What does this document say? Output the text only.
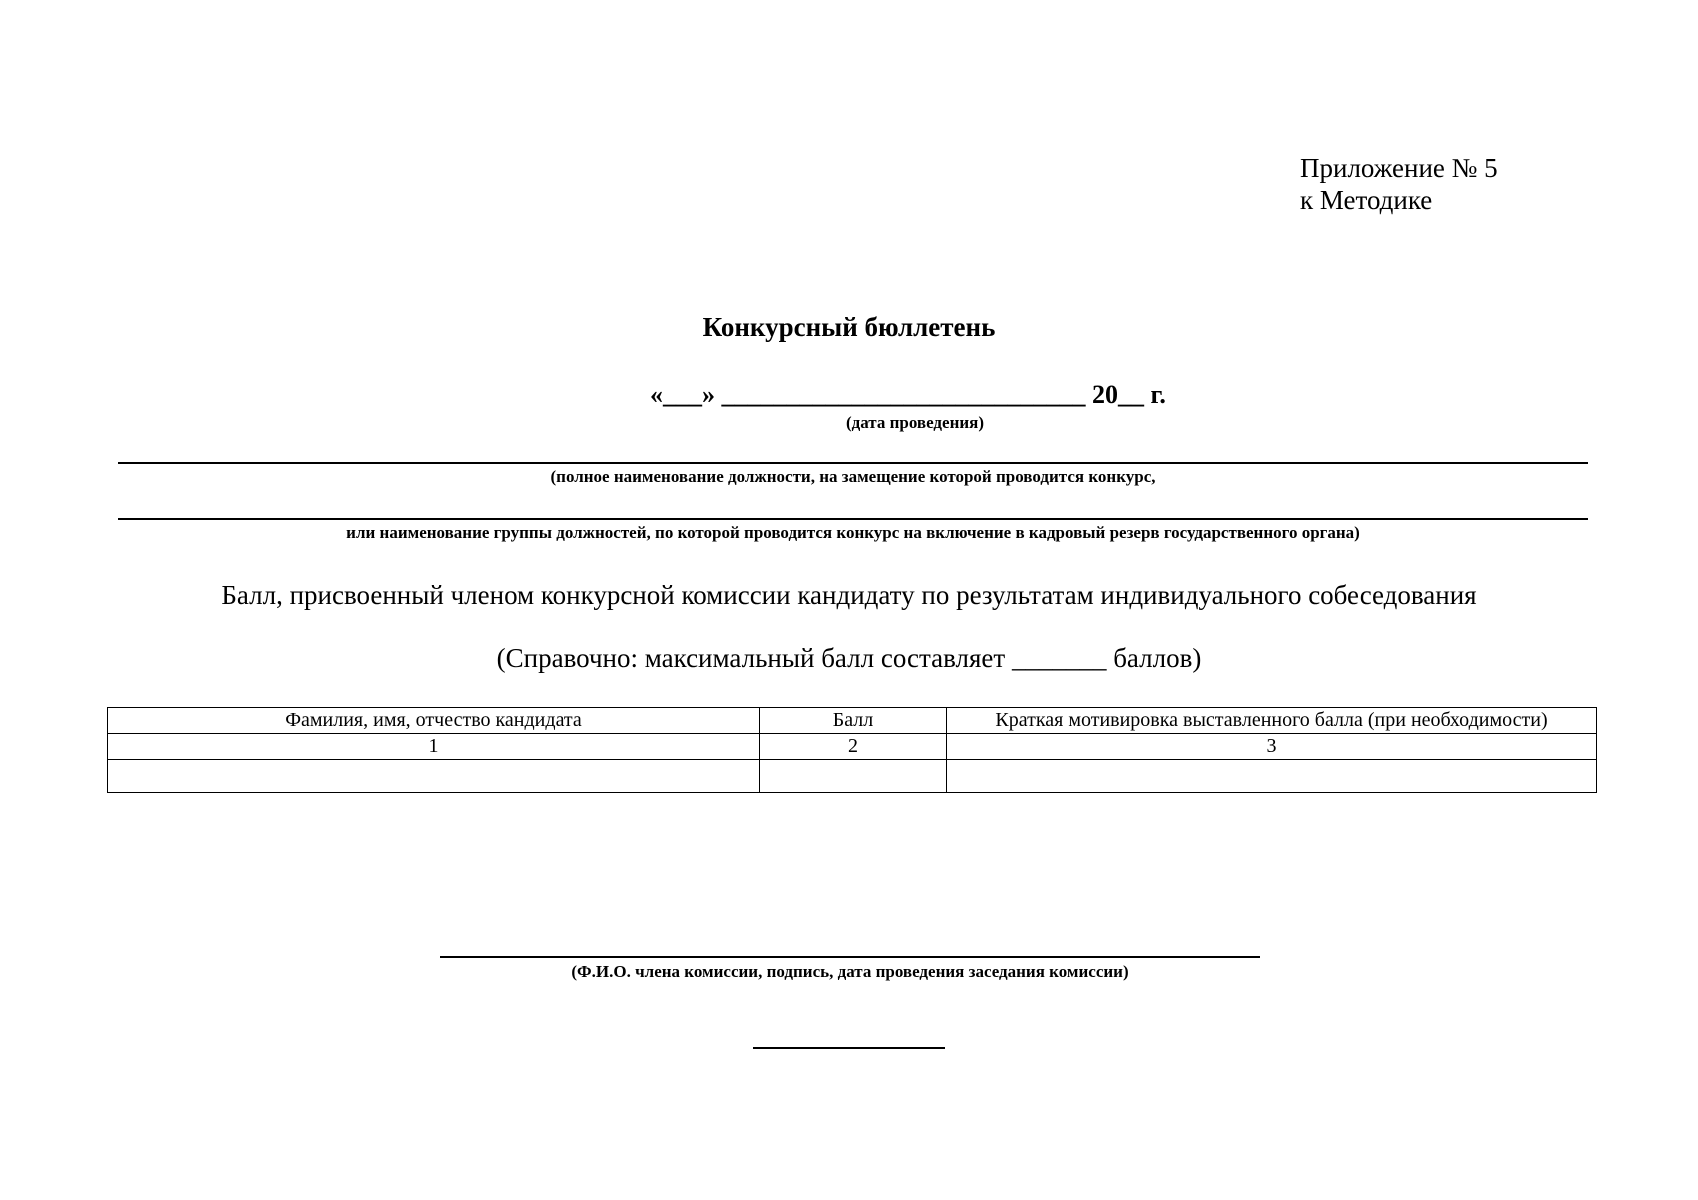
Приложение № 5
к Методике
Конкурсный бюллетень
«___» ____________________________ 20__ г.
(дата проведения)
(полное наименование должности, на замещение которой проводится конкурс,
или наименование группы должностей, по которой проводится конкурс на включение в кадровый резерв государственного органа)
Балл, присвоенный членом конкурсной комиссии кандидату по результатам индивидуального собеседования
(Справочно: максимальный балл составляет _______ баллов)
Фамилия, имя, отчество кандидата	Балл	Краткая мотивировка выставленного балла (при необходимости)
1	2	3

(Ф.И.О. члена комиссии, подпись, дата проведения заседания комиссии)
